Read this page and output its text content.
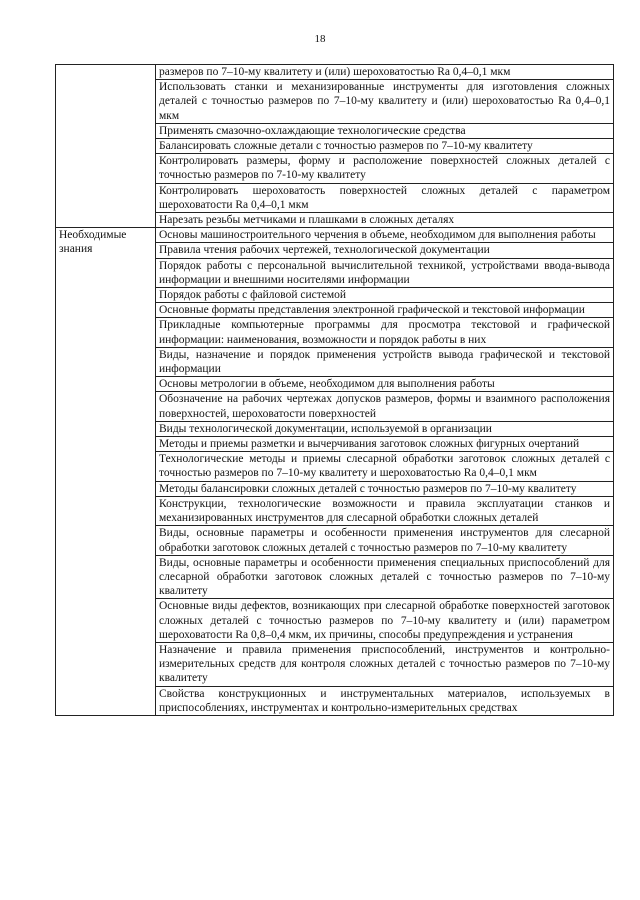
18
	размеров по 7–10-му квалитету и (или) шероховатостью Ra 0,4–0,1 мкм
	Использовать станки и механизированные инструменты для изготовления сложных деталей с точностью размеров по 7–10-му квалитету и (или) шероховатостью Ra 0,4–0,1 мкм
	Применять смазочно-охлаждающие технологические средства
	Балансировать сложные детали с точностью размеров по 7–10-му квалитету
	Контролировать размеры, форму и расположение поверхностей сложных деталей с точностью размеров по 7-10-му квалитету
	Контролировать шероховатость поверхностей сложных деталей с параметром шероховатости Ra 0,4–0,1 мкм
	Нарезать резьбы метчиками и плашками в сложных деталях
Необходимые знания	Основы машиностроительного черчения в объеме, необходимом для выполнения работы
	Правила чтения рабочих чертежей, технологической документации
	Порядок работы с персональной вычислительной техникой, устройствами ввода-вывода информации и внешними носителями информации
	Порядок работы с файловой системой
	Основные форматы представления электронной графической и текстовой информации
	Прикладные компьютерные программы для просмотра текстовой и графической информации: наименования, возможности и порядок работы в них
	Виды, назначение и порядок применения устройств вывода графической и текстовой информации
	Основы метрологии в объеме, необходимом для выполнения работы
	Обозначение на рабочих чертежах допусков размеров, формы и взаимного расположения поверхностей, шероховатости поверхностей
	Виды технологической документации, используемой в организации
	Методы и приемы разметки и вычерчивания заготовок сложных фигурных очертаний
	Технологические методы и приемы слесарной обработки заготовок сложных деталей с точностью размеров по 7–10-му квалитету и шероховатостью Ra 0,4–0,1 мкм
	Методы балансировки сложных деталей с точностью размеров по 7–10-му квалитету
	Конструкции, технологические возможности и правила эксплуатации станков и механизированных инструментов для слесарной обработки сложных деталей
	Виды, основные параметры и особенности применения инструментов для слесарной обработки заготовок сложных деталей с точностью размеров по 7–10-му квалитету
	Виды, основные параметры и особенности применения специальных приспособлений для слесарной обработки заготовок сложных деталей с точностью размеров по 7–10-му квалитету
	Основные виды дефектов, возникающих при слесарной обработке поверхностей заготовок сложных деталей с точностью размеров по 7–10-му квалитету и (или) параметром шероховатости Ra 0,8–0,4 мкм, их причины, способы предупреждения и устранения
	Назначение и правила применения приспособлений, инструментов и контрольно-измерительных средств для контроля сложных деталей с точностью размеров по 7–10-му квалитету
	Свойства конструкционных и инструментальных материалов, используемых в приспособлениях, инструментах и контрольно-измерительных средствах
